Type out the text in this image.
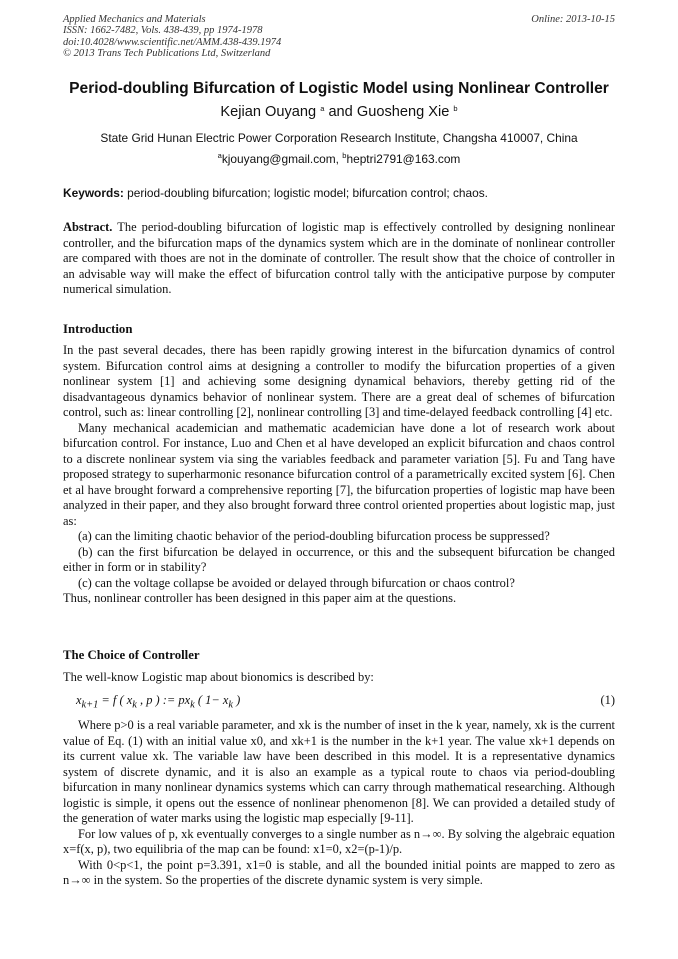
Applied Mechanics and Materials
ISSN: 1662-7482, Vols. 438-439, pp 1974-1978
doi:10.4028/www.scientific.net/AMM.438-439.1974
© 2013 Trans Tech Publications Ltd, Switzerland
Online: 2013-10-15
Period-doubling Bifurcation of Logistic Model using Nonlinear Controller
Kejian Ouyang $^a$ and Guosheng Xie $^b$
State Grid Hunan Electric Power Corporation Research Institute, Changsha 410007, China
$^a$kjouyang@gmail.com, $^b$heptri2791@163.com
Keywords: period-doubling bifurcation; logistic model; bifurcation control; chaos.

Abstract. The period-doubling bifurcation of logistic map is effectively controlled by designing nonlinear controller, and the bifurcation maps of the dynamics system which are in the dominate of nonlinear controller are compared with thoes are not in the dominate of controller. The result show that the choice of controller in an advisable way will make the effect of bifurcation control tally with the anticipative purpose by computer numerical simulation.

Introduction

In the past several decades, there has been rapidly growing interest in the bifurcation dynamics of control system. Bifurcation control aims at designing a controller to modify the bifurcation properties of a given nonlinear system [1] and achieving some designing dynamical behaviors, thereby getting rid of the disadvantageous dynamics behavior of nonlinear system. There are a great deal of schemes of bifurcation control, such as: linear controlling [2], nonlinear controlling [3] and time-delayed feedback controlling [4] etc.

Many mechanical academician and mathematic academician have done a lot of research work about bifurcation control. For instance, Luo and Chen et al have developed an explicit bifurcation and chaos control to a discrete nonlinear system via sing the variables feedback and parameter variation [5]. Fu and Tang have proposed strategy to superharmonic resonance bifurcation control of a parametrically excited system [6]. Chen et al have brought forward a comprehensive reporting [7], the bifurcation properties of logistic map have been analyzed in their paper, and they also brought forward three control oriented properties about logistic map, just as:

(a) can the limiting chaotic behavior of the period-doubling bifurcation process be suppressed?

(b) can the first bifurcation be delayed in occurrence, or this and the subsequent bifurcation be changed either in form or in stability?

(c) can the voltage collapse be avoided or delayed through bifurcation or chaos control?

Thus, nonlinear controller has been designed in this paper aim at the questions.

The Choice of Controller

The well-know Logistic map about bionomics is described by:

$x_{k+1} = f$ ( $x_k$ , p ) := $px_k$ ( $1- x_k$ )	(1)

Where p>0 is a real variable parameter, and xk is the number of inset in the k year, namely, xk is the current value of Eq. (1) with an initial value x0, and xk+1 is the number in the k+1 year. The value xk+1 depends on its current value xk. The variable law have been described in this model. It is a representative dynamics system of discrete dynamic, and it is also an example as a typical route to chaos via period-doubling bifurcation in many nonlinear dynamics systems which can carry through mathematical researching. Although logistic is simple, it opens out the essence of nonlinear phenomenon [8]. We can provided a detailed study of the generation of water marks using the logistic map especially [9-11].

For low values of p, xk eventually converges to a single number as n→∞. By solving the algebraic equation x=f(x, p), two equilibria of the map can be found: x1=0, x2=(p-1)/p.

With 0<p<1, the point p=3.391, x1=0 is stable, and all the bounded initial points are mapped to zero as n→∞ in the system. So the properties of the discrete dynamic system is very simple.
